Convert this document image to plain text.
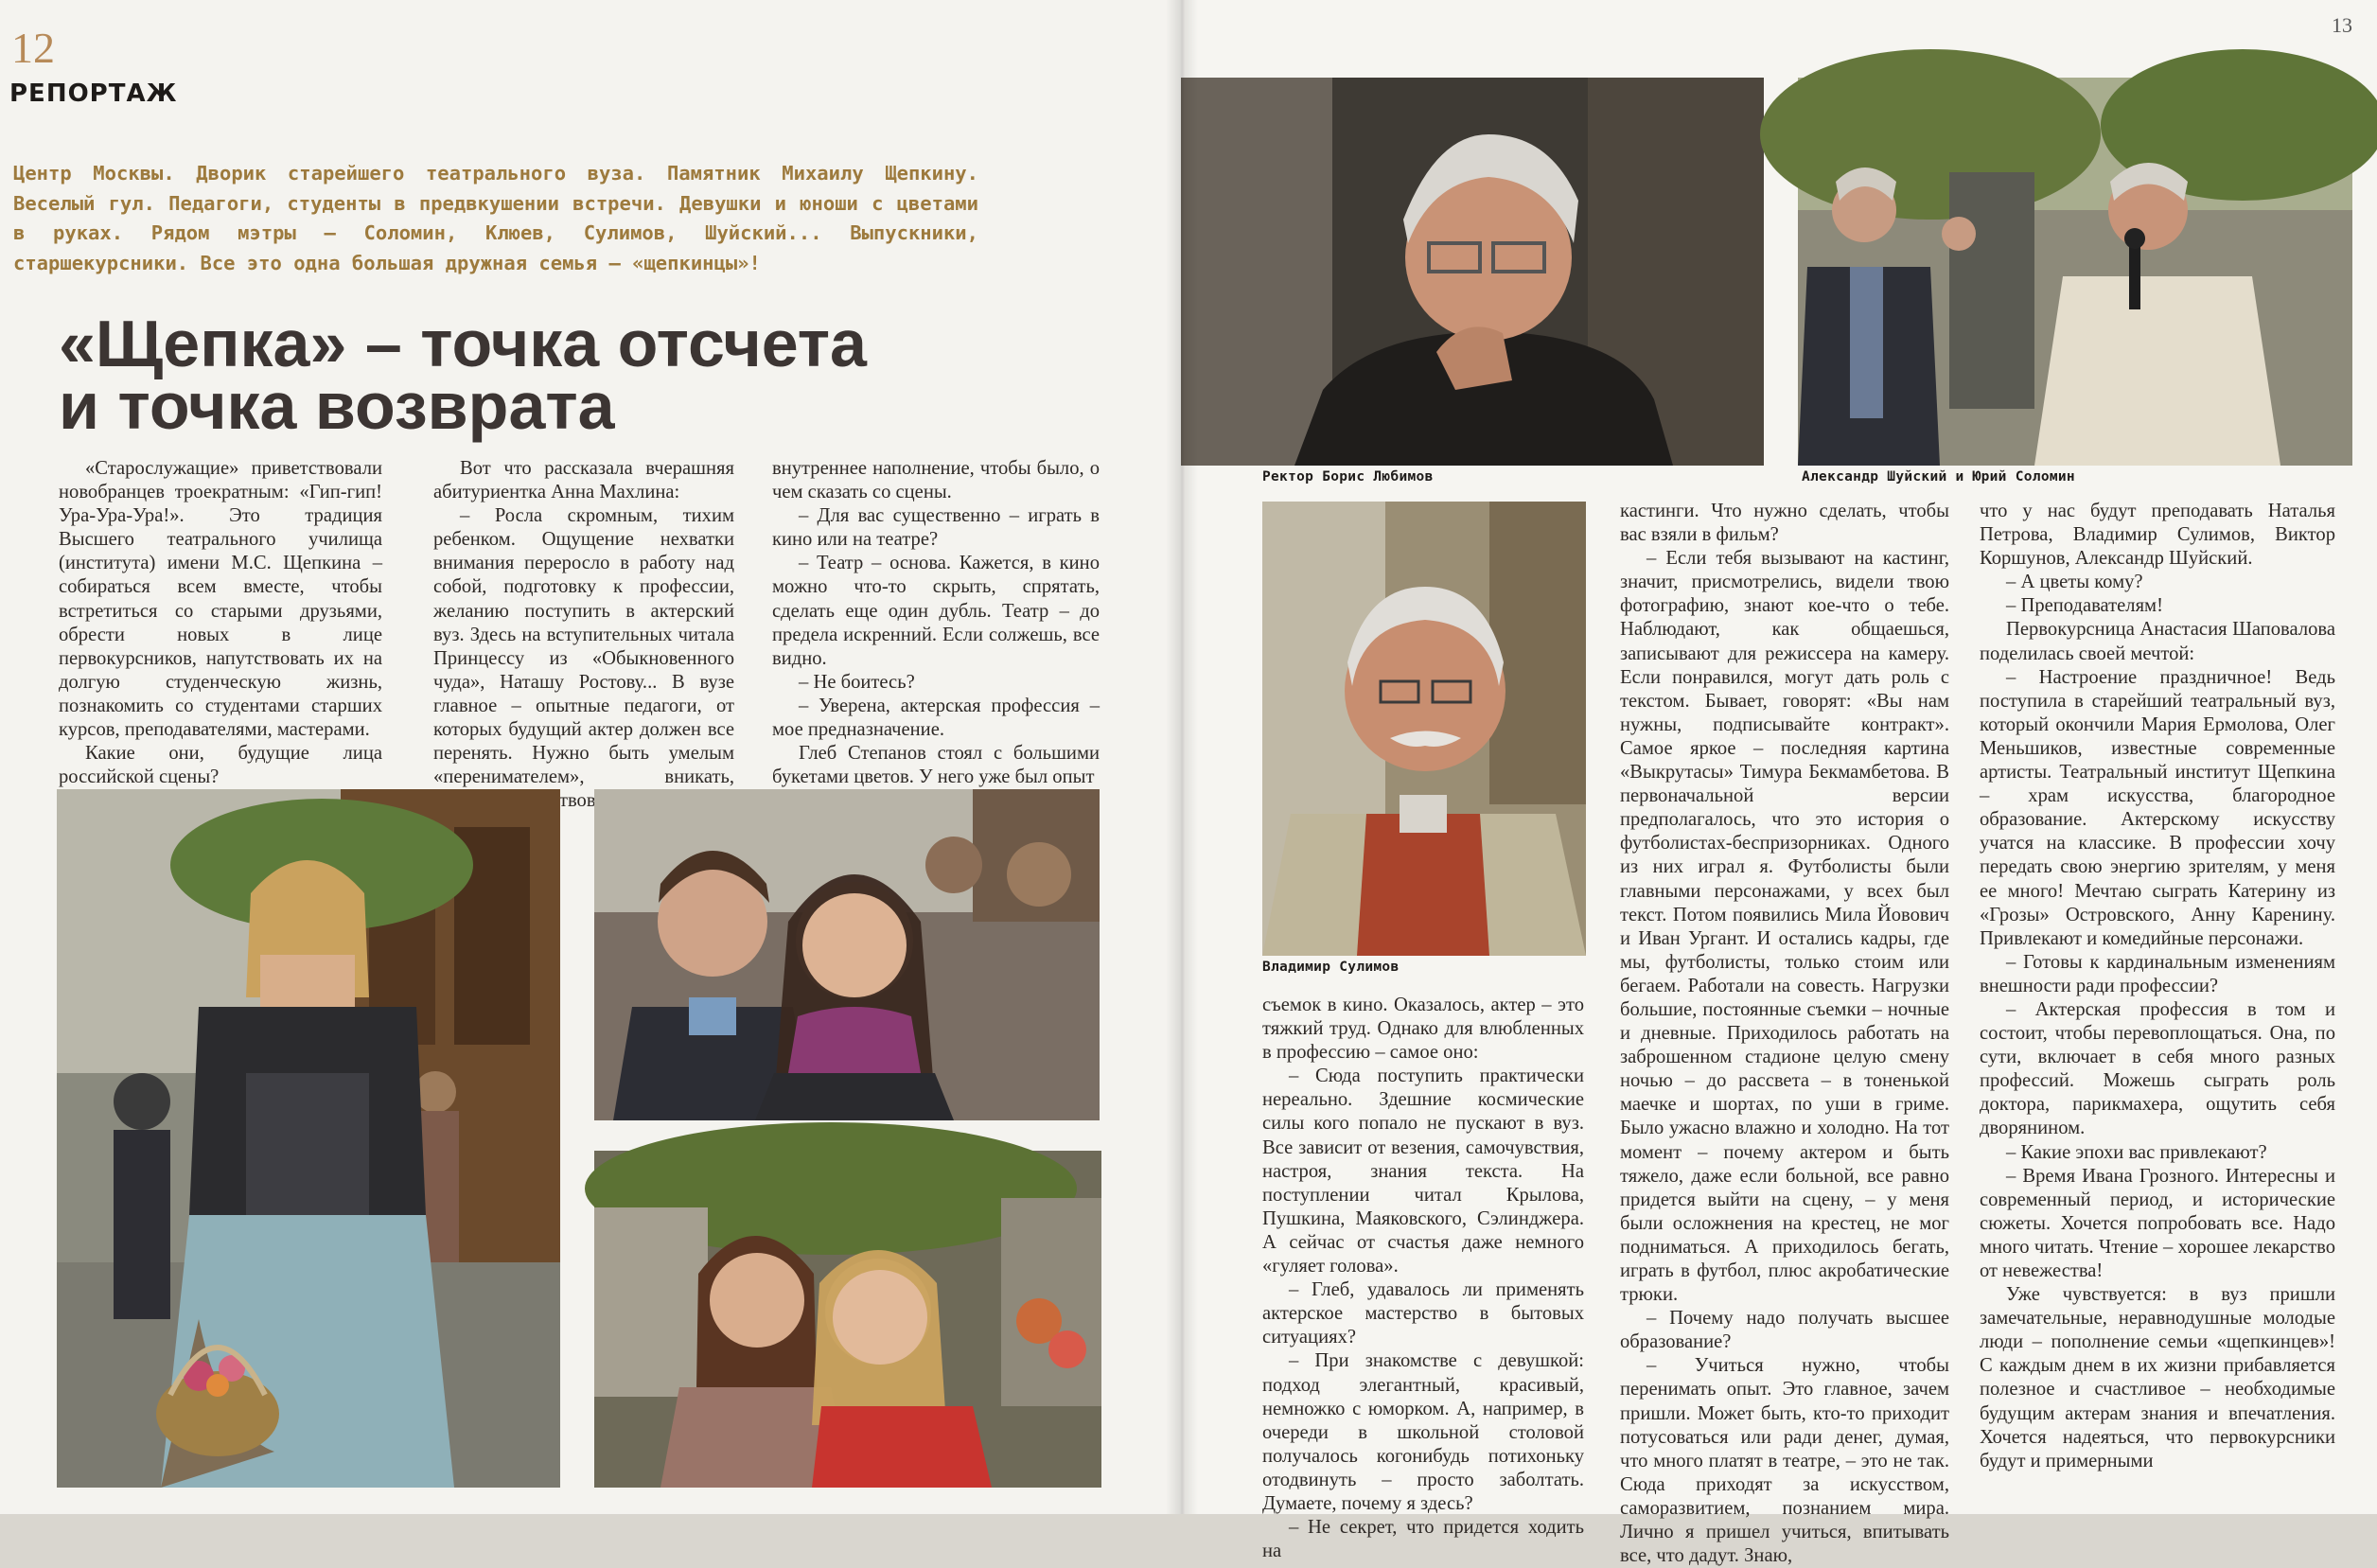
12
РЕПОРТАЖ
Центр Москвы. Дворик старейшего театрального вуза. Памятник Михаилу Щепкину. Веселый гул. Педагоги, студенты в предвкушении встречи. Девушки и юноши с цветами в руках. Рядом мэтры – Соломин, Клюев, Сулимов, Шуйский... Выпускники, старшекурсники. Все это одна большая дружная семья – «щепкинцы»!
«Щепка» – точка отсчета
и точка возврата

«Старослужащие» приветствовали новобранцев троекратным: «Гип-гип! Ура-Ура-Ура!». Это традиция Высшего театрального училища (института) имени М.С. Щепкина – собираться всем вместе, чтобы встретиться со старыми друзьями, обрести новых в лице первокурсников, напутствовать их на долгую студенческую жизнь, познакомить со студентами старших курсов, преподавателями, мастерами.

Какие они, будущие лица российской сцены?

Вот что рассказала вчерашняя абитуриентка Анна Махлина:

– Росла скромным, тихим ребенком. Ощущение нехватки внимания переросло в работу над собой, подготовку к профессии, желанию поступить в актерский вуз. Здесь на вступительных читала Принцессу из «Обыкновенного чуда», Наташу Ростову... В вузе главное – опытные педагоги, от которых будущий актер должен все перенять. Нужно быть умелым «перенимателем», вникать, чувствовать.

внутреннее наполнение, чтобы было, о чем сказать со сцены.

– Для вас существенно – играть в кино или на театре?

– Театр – основа. Кажется, в кино можно что-то скрыть, спрятать, сделать еще один дубль. Театр – до предела искренний. Если солжешь, все видно.

– Не боитесь?

– Уверена, актерская профессия – мое предназначение.

Глеб Степанов стоял с большими букетами цветов. У него уже был опыт

13
Ректор Борис Любимов	Александр Шуйский и Юрий Соломин
Владимир Сулимов

съемок в кино. Оказалось, актер – это тяжкий труд. Однако для влюбленных в профессию – самое оно:

– Сюда поступить практически нереально. Здешние космические силы кого попало не пускают в вуз. Все зависит от везения, самочувствия, настроя, знания текста. На поступлении читал Крылова, Пушкина, Маяковского, Сэлинджера. А сейчас от счастья даже немного «гуляет голова».

– Глеб, удавалось ли применять актерское мастерство в бытовых ситуациях?

– При знакомстве с девушкой: подход элегантный, красивый, немножко с юморком. А, например, в очереди в школьной столовой получалось когонибудь потихоньку отодвинуть – просто заболтать. Думаете, почему я здесь?

– Не секрет, что придется ходить на

кастинги. Что нужно сделать, чтобы вас взяли в фильм?

– Если тебя вызывают на кастинг, значит, присмотрелись, видели твою фотографию, знают кое-что о тебе. Наблюдают, как общаешься, записывают для режиссера на камеру. Если понравился, могут дать роль с текстом. Бывает, говорят: «Вы нам нужны, подписывайте контракт». Самое яркое – последняя картина «Выкрутасы» Тимура Бекмамбетова. В первоначальной версии предполагалось, что это история о футболистах-беспризорниках. Одного из них играл я. Футболисты были главными персонажами, у всех был текст. Потом появились Мила Йовович и Иван Ургант. И остались кадры, где мы, футболисты, только стоим или бегаем. Работали на совесть. Нагрузки большие, постоянные съемки – ночные и дневные. Приходилось работать на заброшенном стадионе целую смену ночью – до рассвета – в тоненькой маечке и шортах, по уши в гриме. Было ужасно влажно и холодно. На тот момент – почему актером и быть тяжело, даже если больной, все равно придется выйти на сцену, – у меня были осложнения на крестец, не мог подниматься. А приходилось бегать, играть в футбол, плюс акробатические трюки.

– Почему надо получать высшее образование?

– Учиться нужно, чтобы перенимать опыт. Это главное, зачем пришли. Может быть, кто-то приходит потусоваться или ради денег, думая, что много платят в театре, – это не так. Сюда приходят за искусством, саморазвитием, познанием мира. Лично я пришел учиться, впитывать все, что дадут. Знаю,

что у нас будут преподавать Наталья Петрова, Владимир Сулимов, Виктор Коршунов, Александр Шуйский.

– А цветы кому?

– Преподавателям!

Первокурсница Анастасия Шаповалова поделилась своей мечтой:

– Настроение праздничное! Ведь поступила в старейший театральный вуз, который окончили Мария Ермолова, Олег Меньшиков, известные современные артисты. Театральный институт Щепкина – храм искусства, благородное образование. Актерскому искусству учатся на классике. В профессии хочу передать свою энергию зрителям, у меня ее много! Мечтаю сыграть Катерину из «Грозы» Островского, Анну Каренину. Привлекают и комедийные персонажи.

– Готовы к кардинальным изменениям внешности ради профессии?

– Актерская профессия в том и состоит, чтобы перевоплощаться. Она, по сути, включает в себя много разных профессий. Можешь сыграть роль доктора, парикмахера, ощутить себя дворянином.

– Какие эпохи вас привлекают?

– Время Ивана Грозного. Интересны и современный период, и исторические сюжеты. Хочется попробовать все. Надо много читать. Чтение – хорошее лекарство от невежества!

Уже чувствуется: в вуз пришли замечательные, неравнодушные молодые люди – пополнение семьи «щепкинцев»! С каждым днем в их жизни прибавляется полезное и счастливое – необходимые будущим актерам знания и впечатления. Хочется надеяться, что первокурсники будут и примерными
